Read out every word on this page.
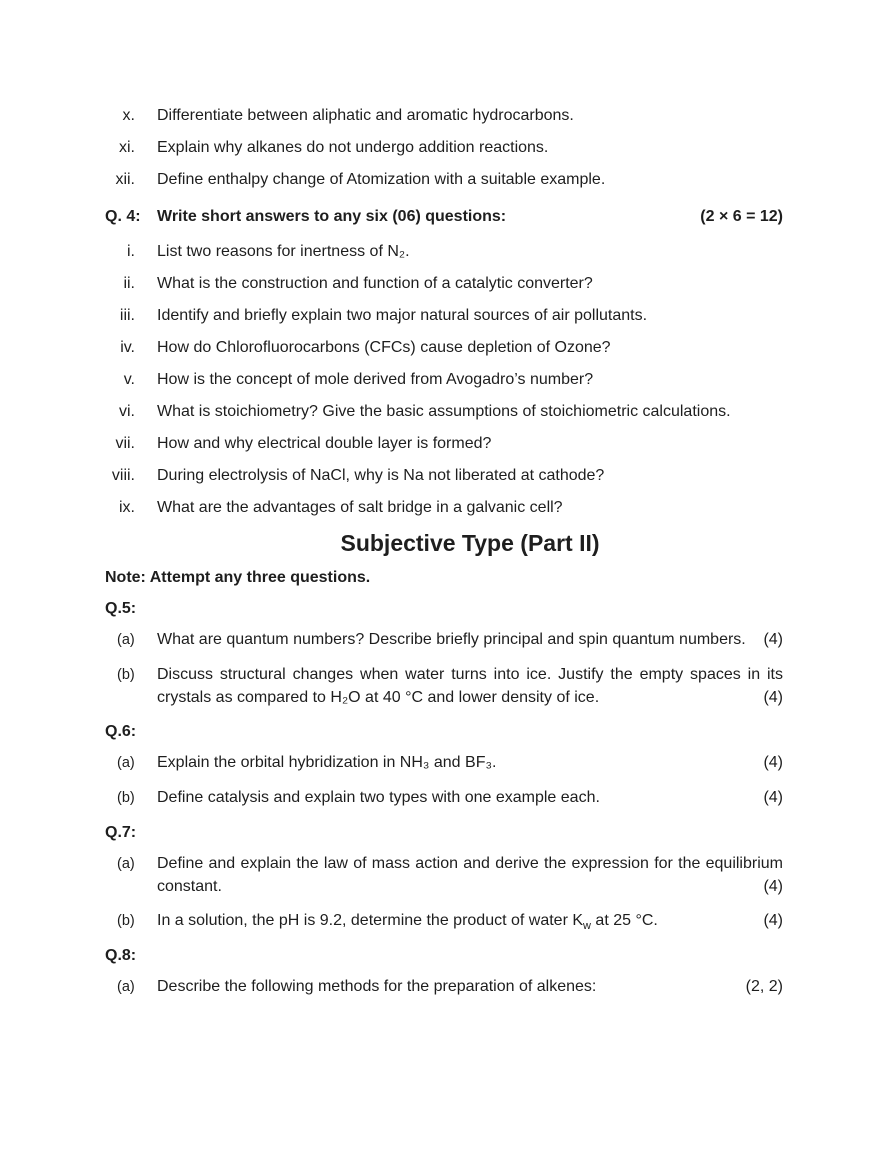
x. Differentiate between aliphatic and aromatic hydrocarbons.
xi. Explain why alkanes do not undergo addition reactions.
xii. Define enthalpy change of Atomization with a suitable example.
Q. 4:	Write short answers to any six (06) questions:	(2 × 6 = 12)
i. List two reasons for inertness of N₂.
ii. What is the construction and function of a catalytic converter?
iii. Identify and briefly explain two major natural sources of air pollutants.
iv. How do Chlorofluorocarbons (CFCs) cause depletion of Ozone?
v. How is the concept of mole derived from Avogadro’s number?
vi. What is stoichiometry? Give the basic assumptions of stoichiometric calculations.
vii. How and why electrical double layer is formed?
viii. During electrolysis of NaCl, why is Na not liberated at cathode?
ix. What are the advantages of salt bridge in a galvanic cell?
Subjective Type (Part II)
Note: Attempt any three questions.
Q.5:
(a)	What are quantum numbers? Describe briefly principal and spin quantum numbers.	(4)
(b)	Discuss structural changes when water turns into ice. Justify the empty spaces in its crystals as compared to H₂O at 40 °C and lower density of ice.	(4)
Q.6:
(a)	Explain the orbital hybridization in NH₃ and BF₃.	(4)
(b)	Define catalysis and explain two types with one example each.	(4)
Q.7:
(a)	Define and explain the law of mass action and derive the expression for the equilibrium constant.	(4)
(b)	In a solution, the pH is 9.2, determine the product of water $K_w$ at 25 °C.	(4)
Q.8:
(a)	Describe the following methods for the preparation of alkenes:	(2, 2)
